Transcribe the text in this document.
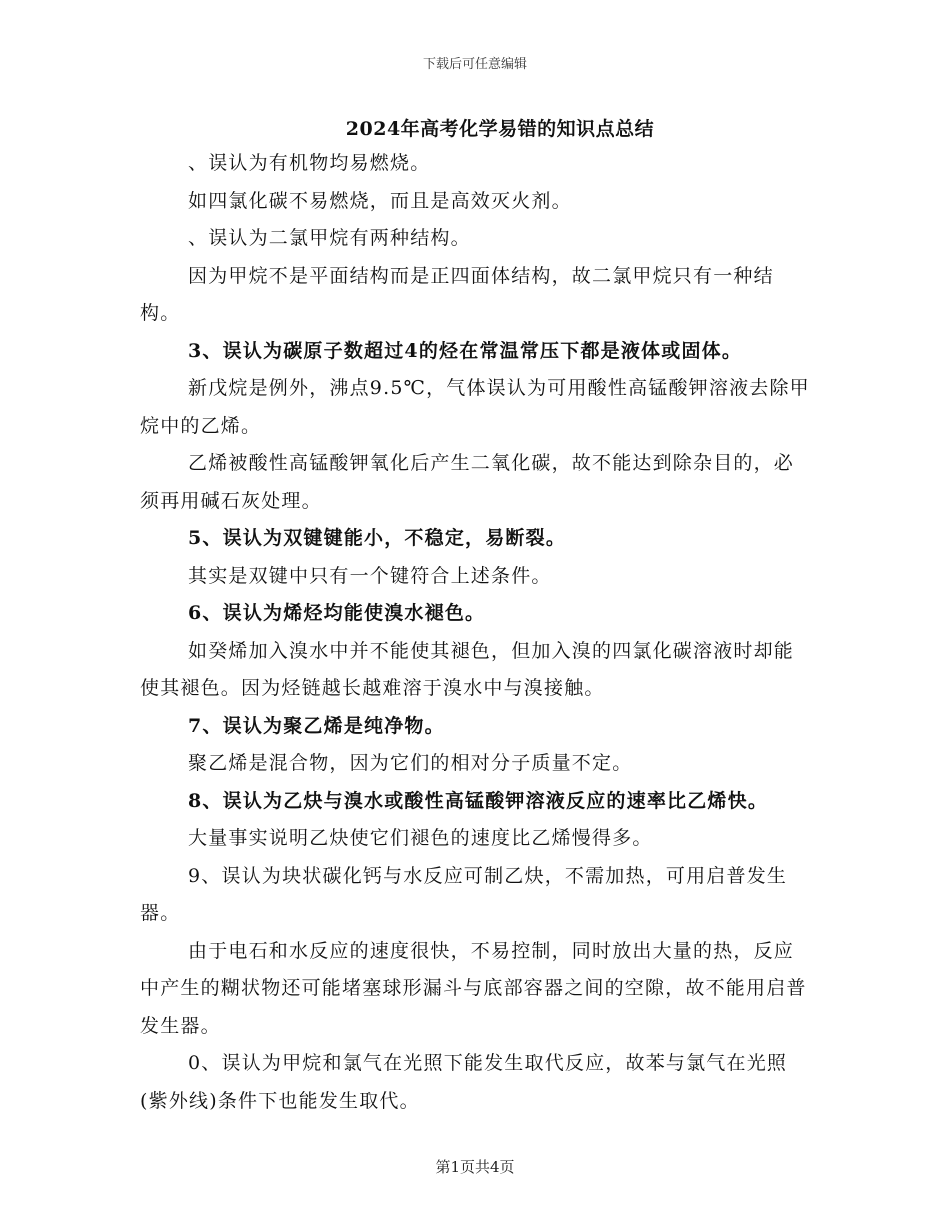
下载后可任意编辑
2024年高考化学易错的知识点总结

、误认为有机物均易燃烧。

如四氯化碳不易燃烧，而且是高效灭火剂。

、误认为二氯甲烷有两种结构。

因为甲烷不是平面结构而是正四面体结构，故二氯甲烷只有一种结构。

3、误认为碳原子数超过4的烃在常温常压下都是液体或固体。

新戊烷是例外，沸点9.5℃，气体误认为可用酸性高锰酸钾溶液去除甲烷中的乙烯。

乙烯被酸性高锰酸钾氧化后产生二氧化碳，故不能达到除杂目的，必须再用碱石灰处理。

5、误认为双键键能小，不稳定，易断裂。

其实是双键中只有一个键符合上述条件。

6、误认为烯烃均能使溴水褪色。

如癸烯加入溴水中并不能使其褪色，但加入溴的四氯化碳溶液时却能使其褪色。因为烃链越长越难溶于溴水中与溴接触。

7、误认为聚乙烯是纯净物。

聚乙烯是混合物，因为它们的相对分子质量不定。

8、误认为乙炔与溴水或酸性高锰酸钾溶液反应的速率比乙烯快。

大量事实说明乙炔使它们褪色的速度比乙烯慢得多。

9、误认为块状碳化钙与水反应可制乙炔，不需加热，可用启普发生器。

由于电石和水反应的速度很快，不易控制，同时放出大量的热，反应中产生的糊状物还可能堵塞球形漏斗与底部容器之间的空隙，故不能用启普发生器。

0、误认为甲烷和氯气在光照下能发生取代反应，故苯与氯气在光照(紫外线)条件下也能发生取代。

第1页共4页
